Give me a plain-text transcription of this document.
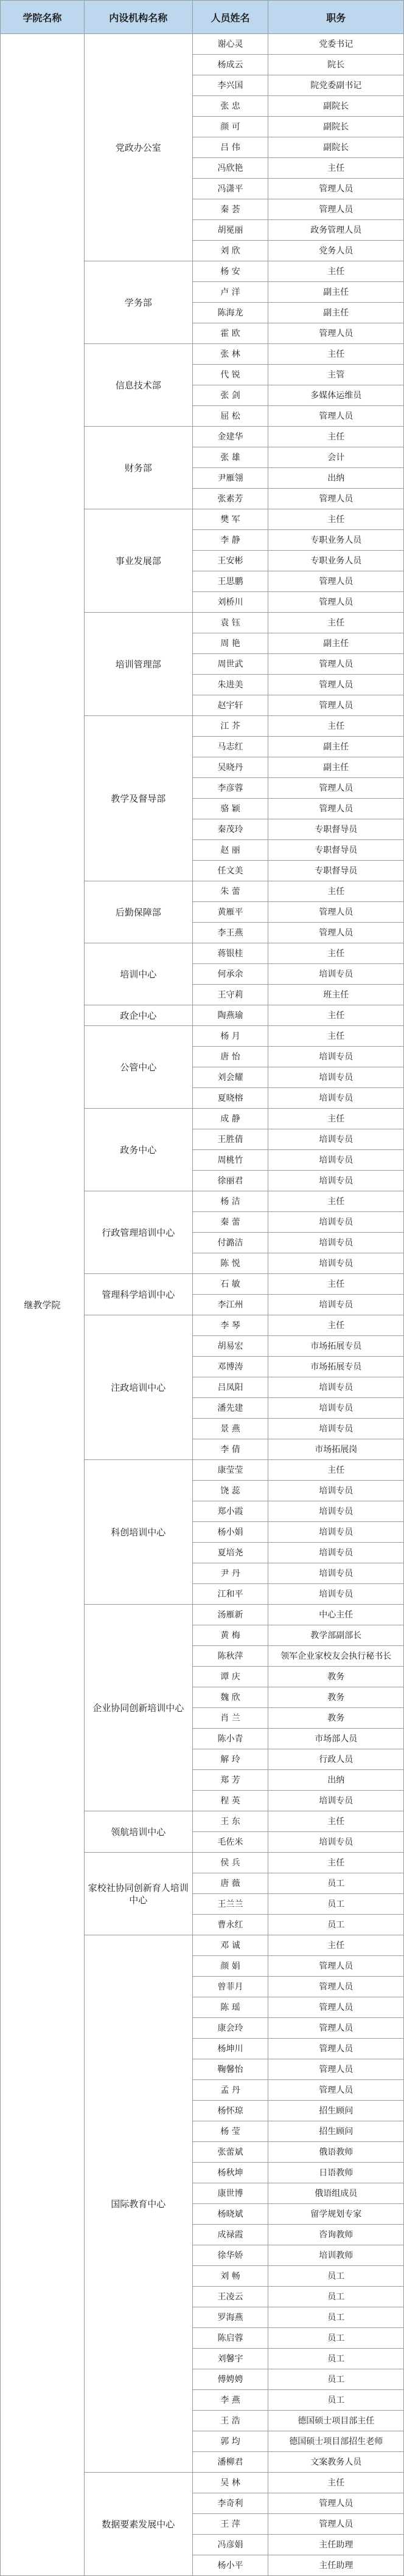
学院名称	内设机构名称	人员姓名	职务
继教学院	党政办公室	谢心灵	党委书记
		杨成云	院长
		李兴国	院党委副书记
		张 忠	副院长
		颜 可	副院长
		吕 伟	副院长
		冯欣艳	主任
		冯潇平	管理人员
		秦 荟	管理人员
		胡冕丽	政务管理人员
		刘 欣	党务人员
	学务部	杨 安	主任
		卢 洋	副主任
		陈海龙	副主任
		霍 欧	管理人员
	信息技术部	张 林	主任
		代 锐	主管
		张 剑	多媒体运维员
		屈 松	管理人员
	财务部	金建华	主任
		张 雄	会计
		尹雁翎	出纳
		张素芳	管理人员
	事业发展部	樊 军	主任
		李 静	专职业务人员
		王安彬	专职业务人员
		王思鹏	管理人员
		刘桥川	管理人员
	培训管理部	袁 钰	主任
		周 艳	副主任
		周世武	管理人员
		朱进美	管理人员
		赵宇轩	管理人员
	教学及督导部	江 芥	主任
		马志红	副主任
		吴晓丹	副主任
		李彦蓉	管理人员
		骆 颖	管理人员
		秦茂玲	专职督导员
		赵 丽	专职督导员
		任文美	专职督导员
	后勤保障部	朱 蕾	主任
		黄雁平	管理人员
		李王燕	管理人员
	培训中心	蒋银桂	主任
		何承余	培训专员
		王守莉	班主任
	政企中心	陶燕瑜	主任
	公管中心	杨 月	主任
		唐 怡	培训专员
		刘会耀	培训专员
		夏晓榕	培训专员
	政务中心	成 静	主任
		王胜倩	培训专员
		周桃竹	培训专员
		徐丽君	培训专员
	行政管理培训中心	杨 洁	主任
		秦 蕾	培训专员
		付潞洁	培训专员
		陈 悦	培训专员
	管理科学培训中心	石 敏	主任
		李江州	培训专员
	注政培训中心	李 琴	主任
		胡易宏	市场拓展专员
		邓博涛	市场拓展专员
		吕凤阳	培训专员
		潘先建	培训专员
		景 燕	培训专员
		李 倩	市场拓展岗
	科创培训中心	康莹莹	主任
		饶 蕊	培训专员
		郑小霞	培训专员
		杨小娟	培训专员
		夏培尧	培训专员
		尹 丹	培训专员
		江和平	培训专员
	企业协同创新培训中心	汤雁新	中心主任
		黄 梅	教学部副部长
		陈秋萍	领军企业家校友会执行秘书长
		谭 庆	教务
		魏 欣	教务
		肖 兰	教务
		陈小青	市场部人员
		解 玲	行政人员
		郑 芳	出纳
		程 英	培训专员
	领航培训中心	王 东	主任
		毛佐米	培训专员
	家校社协同创新育人培训中心	侯 兵	主任
		唐 薇	员工
		王兰兰	员工
		曹永红	员工
	国际教育中心	邓 诚	主任
		颜 娟	管理人员
		曾菲月	管理人员
		陈 瑶	管理人员
		康会玲	管理人员
		杨坤川	管理人员
		鞠馨怡	管理人员
		孟 丹	管理人员
		杨怀琼	招生顾问
		杨 莹	招生顾问
		张蕾斌	俄语教师
		杨秋坤	日语教师
		康世博	俄语组成员
		杨晓斌	留学规划专家
		成禄霞	咨询教师
		徐华娇	培训教师
		刘 畅	员工
		王凌云	员工
		罗海燕	员工
		陈启蓉	员工
		刘馨宇	员工
		傅娉娉	员工
		李 燕	员工
		王 浩	德国硕士项目部主任
		郭 均	德国硕士项目部招生老师
		潘柳君	文案教务人员
	数据要素发展中心	吴 林	主任
		李奇利	管理人员
		王 萍	管理人员
		冯彦娟	主任助理
		杨小平	主任助理
